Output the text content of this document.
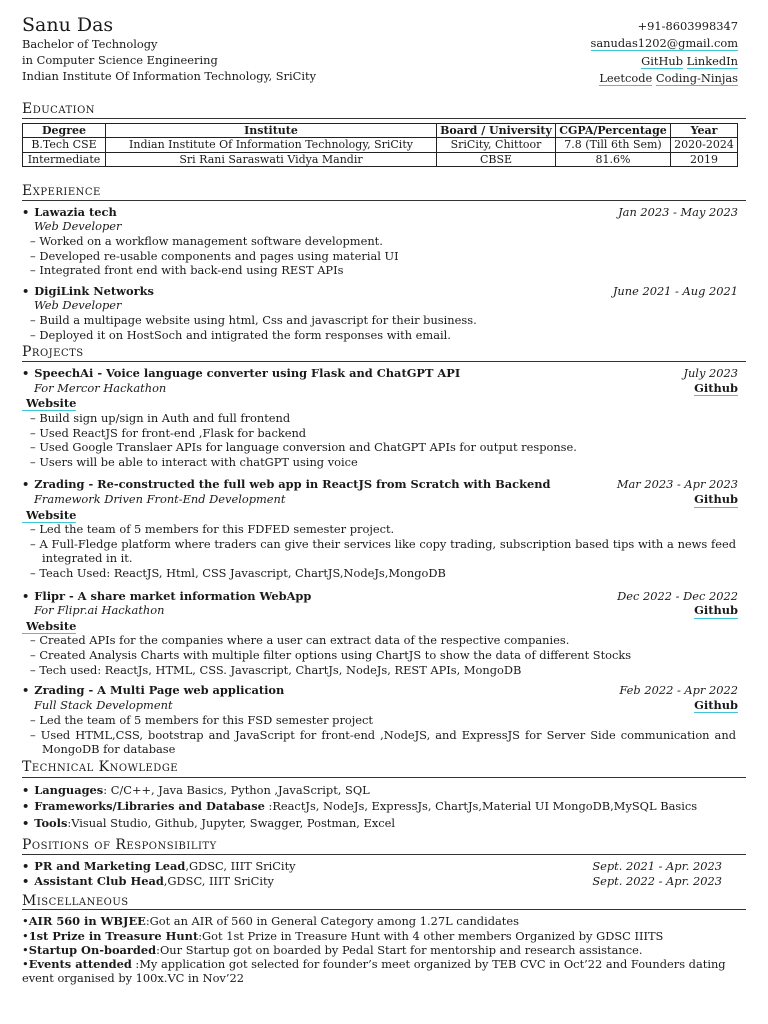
Sanu Das
Bachelor of Technology
in Computer Science Engineering
Indian Institute Of Information Technology, SriCity
+91-8603998347
sanudas1202@gmail.com
GitHub LinkedIn
Leetcode Coding-Ninjas
Education
Degree	Institute	Board / University	CGPA/Percentage	Year
B.Tech CSE	Indian Institute Of Information Technology, SriCity	SriCity, Chittoor	7.8 (Till 6th Sem)	2020-2024
Intermediate	Sri Rani Saraswati Vidya Mandir	CBSE	81.6%	2019
Experience
• Lawazia tech	Jan 2023 - May 2023
Web Developer
– Worked on a workflow management software development.
– Developed re-usable components and pages using material UI
– Integrated front end with back-end using REST APIs
• DigiLink Networks	June 2021 - Aug 2021
Web Developer
– Build a multipage website using html, Css and javascript for their business.
– Deployed it on HostSoch and intigrated the form responses with email.
Projects
• SpeechAi - Voice language converter using Flask and ChatGPT API	July 2023
For Mercor Hackathon	Github
Website
– Build sign up/sign in Auth and full frontend
– Used ReactJS for front-end ,Flask for backend
– Used Google Translaer APIs for language conversion and ChatGPT APIs for output response.
– Users will be able to interact with chatGPT using voice
• Zrading - Re-constructed the full web app in ReactJS from Scratch with Backend	Mar 2023 - Apr 2023
Framework Driven Front-End Development	Github
Website
– Led the team of 5 members for this FDFED semester project.
– A Full-Fledge platform where traders can give their services like copy trading, subscription based tips with a news feed integrated in it.
– Teach Used: ReactJS, Html, CSS Javascript, ChartJS,NodeJs,MongoDB
• Flipr - A share market information WebApp	Dec 2022 - Dec 2022
For Flipr.ai Hackathon	Github
Website
– Created APIs for the companies where a user can extract data of the respective companies.
– Created Analysis Charts with multiple filter options using ChartJS to show the data of different Stocks
– Tech used: ReactJs, HTML, CSS. Javascript, ChartJs, NodeJs, REST APIs, MongoDB
• Zrading - A Multi Page web application	Feb 2022 - Apr 2022
Full Stack Development	Github
– Led the team of 5 members for this FSD semester project
– Used HTML,CSS, bootstrap and JavaScript for front-end ,NodeJS, and ExpressJS for Server Side communication and MongoDB for database
Technical Knowledge
• Languages: C/C++, Java Basics, Python ,JavaScript, SQL
• Frameworks/Libraries and Database :ReactJs, NodeJs, ExpressJs, ChartJs,Material UI MongoDB,MySQL Basics
• Tools:Visual Studio, Github, Jupyter, Swagger, Postman, Excel
Positions of Responsibility
• PR and Marketing Lead,GDSC, IIIT SriCity	Sept. 2021 - Apr. 2023
• Assistant Club Head,GDSC, IIIT SriCity	Sept. 2022 - Apr. 2023
Miscellaneous
•AIR 560 in WBJEE:Got an AIR of 560 in General Category among 1.27L candidates
•1st Prize in Treasure Hunt:Got 1st Prize in Treasure Hunt with 4 other members Organized by GDSC IIITS
•Startup On-boarded:Our Startup got on boarded by Pedal Start for mentorship and research assistance.
•Events attended :My application got selected for founder’s meet organized by TEB CVC in Oct’22 and Founders dating event organised by 100x.VC in Nov’22
